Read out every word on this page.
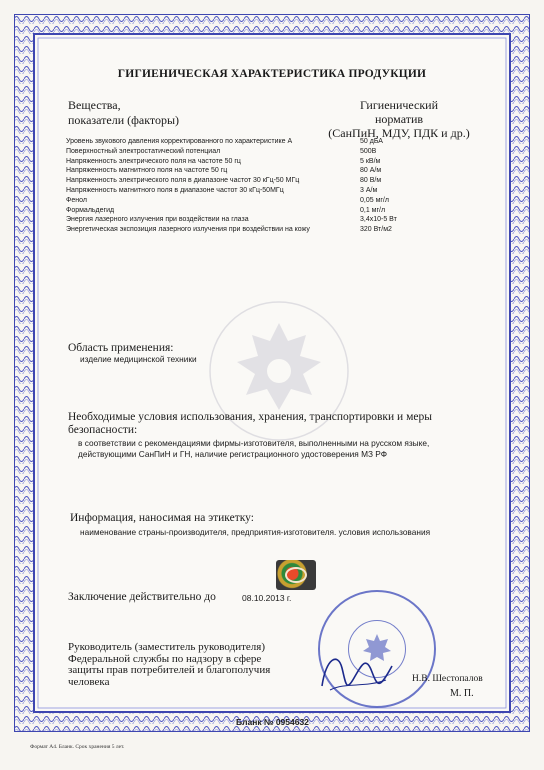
ГИГИЕНИЧЕСКАЯ ХАРАКТЕРИСТИКА ПРОДУКЦИИ
Вещества,
показатели (факторы)
Гигиенический
норматив
(СанПиН, МДУ, ПДК и др.)
Уровень звукового давления корректированного по характеристике А	50 дБА
Поверхностный электростатический потенциал	500В
Напряженность электрического поля на частоте 50 гц	5 кВ/м
Напряженность магнитного поля на частоте 50 гц	80 А/м
Напряженность электрического поля в диапазоне частот 30 кГц-50 МГц	80 В/м
Напряженность магнитного поля в диапазоне частот 30 кГц-50МГц	3 А/м
Фенол	0,05 мг/л
Формальдегид	0,1 мг/л
Энергия лазерного излучения при воздействии на глаза	3,4х10-5 Вт
Энергетическая экспозиция лазерного излучения при воздействии на кожу	320 Вт/м2
Область применения:
изделие медицинской техники
Необходимые условия использования, хранения, транспортировки и меры
безопасности:
в соответствии с рекомендациями фирмы-изготовителя, выполненными на русском языке,
действующими СанПиН и ГН, наличие регистрационного удостоверения МЗ РФ
Информация, наносимая на этикетку:
наименование страны-производителя, предприятия-изготовителя. условия использования
Заключение действительно до	08.10.2013 г.
Руководитель (заместитель руководителя)
Федеральной службы по надзору в сфере
защиты прав потребителей и благополучия
человека	Н.В. Шестопалов
М. П.
Бланк № 0954632
Формат А4. Бланк. Срок хранения 5 лет.
